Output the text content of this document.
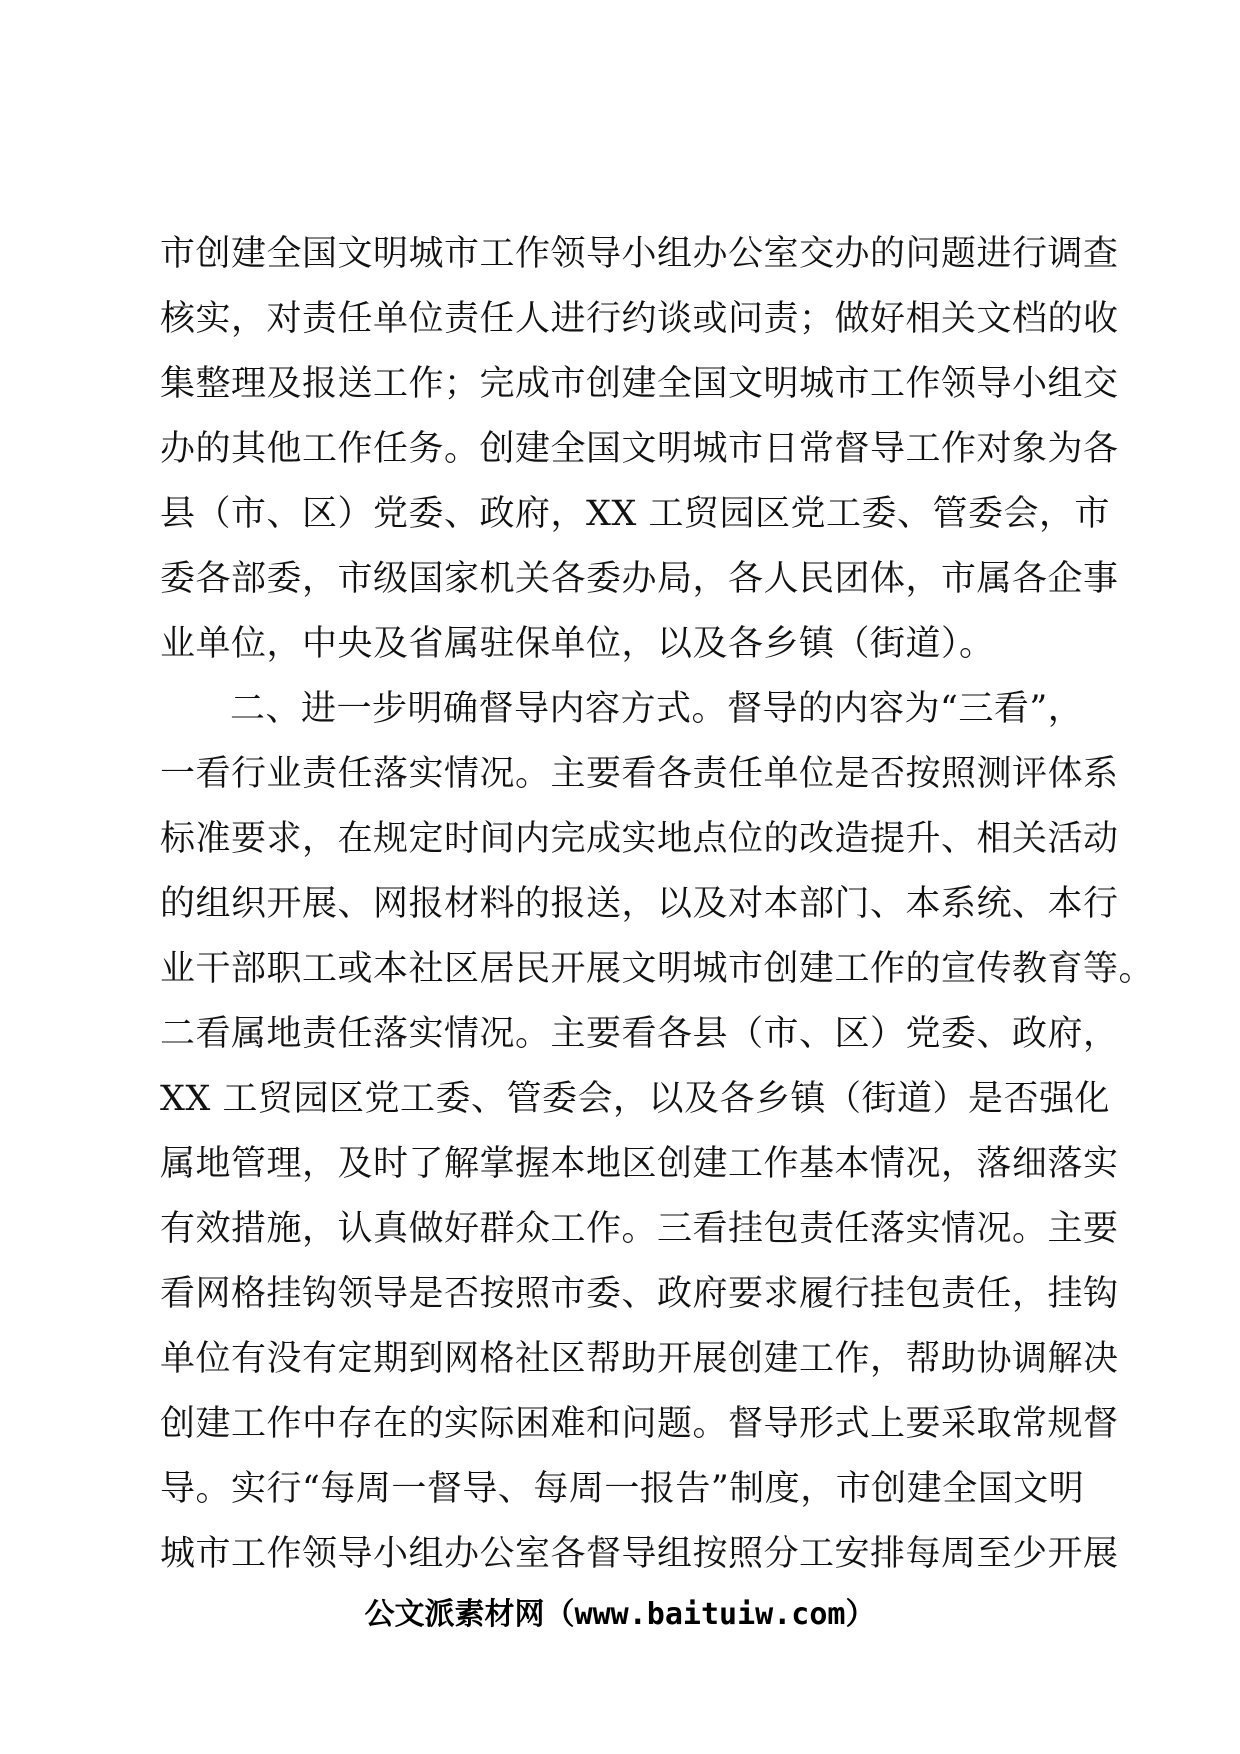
市创建全国文明城市工作领导小组办公室交办的问题进行调查
核实，对责任单位责任人进行约谈或问责；做好相关文档的收
集整理及报送工作；完成市创建全国文明城市工作领导小组交
办的其他工作任务。创建全国文明城市日常督导工作对象为各
县（市、区）党委、政府，XX 工贸园区党工委、管委会，市
委各部委，市级国家机关各委办局，各人民团体，市属各企事
业单位，中央及省属驻保单位，以及各乡镇（街道）。
二、进一步明确督导内容方式。督导的内容为“三看”，
一看行业责任落实情况。主要看各责任单位是否按照测评体系
标准要求，在规定时间内完成实地点位的改造提升、相关活动
的组织开展、网报材料的报送，以及对本部门、本系统、本行
业干部职工或本社区居民开展文明城市创建工作的宣传教育等。
二看属地责任落实情况。主要看各县（市、区）党委、政府，
XX 工贸园区党工委、管委会，以及各乡镇（街道）是否强化
属地管理，及时了解掌握本地区创建工作基本情况，落细落实
有效措施，认真做好群众工作。三看挂包责任落实情况。主要
看网格挂钩领导是否按照市委、政府要求履行挂包责任，挂钩
单位有没有定期到网格社区帮助开展创建工作，帮助协调解决
创建工作中存在的实际困难和问题。督导形式上要采取常规督
导。实行“每周一督导、每周一报告”制度，市创建全国文明
城市工作领导小组办公室各督导组按照分工安排每周至少开展
公文派素材网（www.baituiw.com）
